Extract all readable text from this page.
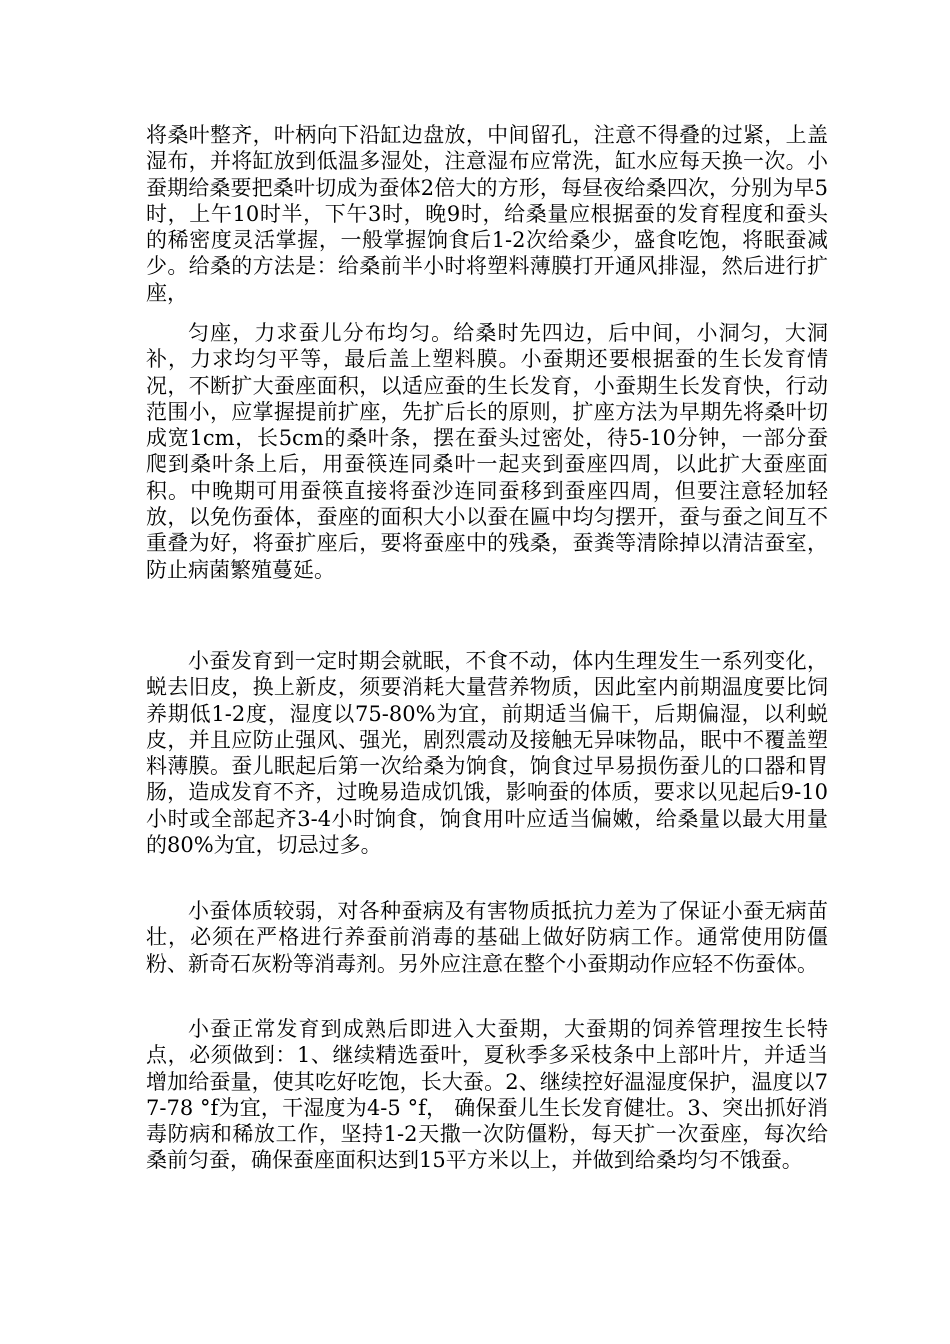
将桑叶整齐，叶柄向下沿缸边盘放，中间留孔，注意不得叠的过紧，上盖湿布，并将缸放到低温多湿处，注意湿布应常洗，缸水应每天换一次。小蚕期给桑要把桑叶切成为蚕体2倍大的方形，每昼夜给桑四次，分别为早5时，上午10时半，下午3时，晚9时，给桑量应根据蚕的发育程度和蚕头的稀密度灵活掌握，一般掌握饷食后1-2次给桑少，盛食吃饱，将眠蚕减少。给桑的方法是：给桑前半小时将塑料薄膜打开通风排湿，然后进行扩座，

匀座，力求蚕儿分布均匀。给桑时先四边，后中间，小洞匀，大洞补，力求均匀平等，最后盖上塑料膜。小蚕期还要根据蚕的生长发育情况，不断扩大蚕座面积，以适应蚕的生长发育，小蚕期生长发育快，行动范围小，应掌握提前扩座，先扩后长的原则，扩座方法为早期先将桑叶切成宽1cm，长5cm的桑叶条，摆在蚕头过密处，待5-10分钟，一部分蚕爬到桑叶条上后，用蚕筷连同桑叶一起夹到蚕座四周，以此扩大蚕座面积。中晚期可用蚕筷直接将蚕沙连同蚕移到蚕座四周，但要注意轻加轻放，以免伤蚕体，蚕座的面积大小以蚕在匾中均匀摆开，蚕与蚕之间互不重叠为好，将蚕扩座后，要将蚕座中的残桑，蚕粪等清除掉以清洁蚕室，防止病菌繁殖蔓延。

小蚕发育到一定时期会就眠，不食不动，体内生理发生一系列变化，蜕去旧皮，换上新皮，须要消耗大量营养物质，因此室内前期温度要比饲养期低1-2度，湿度以75-80%为宜，前期适当偏干，后期偏湿，以利蜕皮，并且应防止强风、强光，剧烈震动及接触无异味物品，眠中不覆盖塑料薄膜。蚕儿眠起后第一次给桑为饷食，饷食过早易损伤蚕儿的口器和胃肠，造成发育不齐，过晚易造成饥饿，影响蚕的体质，要求以见起后9-10小时或全部起齐3-4小时饷食，饷食用叶应适当偏嫩，给桑量以最大用量的80%为宜，切忌过多。

小蚕体质较弱，对各种蚕病及有害物质抵抗力差为了保证小蚕无病苗壮，必须在严格进行养蚕前消毒的基础上做好防病工作。通常使用防僵粉、新奇石灰粉等消毒剂。另外应注意在整个小蚕期动作应轻不伤蚕体。

小蚕正常发育到成熟后即进入大蚕期，大蚕期的饲养管理按生长特点，必须做到：1、继续精选蚕叶，夏秋季多采枝条中上部叶片，并适当增加给蚕量，使其吃好吃饱，长大蚕。2、继续控好温湿度保护，温度以77-78 °f为宜，干湿度为4-5 °f， 确保蚕儿生长发育健壮。3、突出抓好消毒防病和稀放工作，坚持1-2天撒一次防僵粉，每天扩一次蚕座，每次给桑前匀蚕，确保蚕座面积达到15平方米以上，并做到给桑均匀不饿蚕。
